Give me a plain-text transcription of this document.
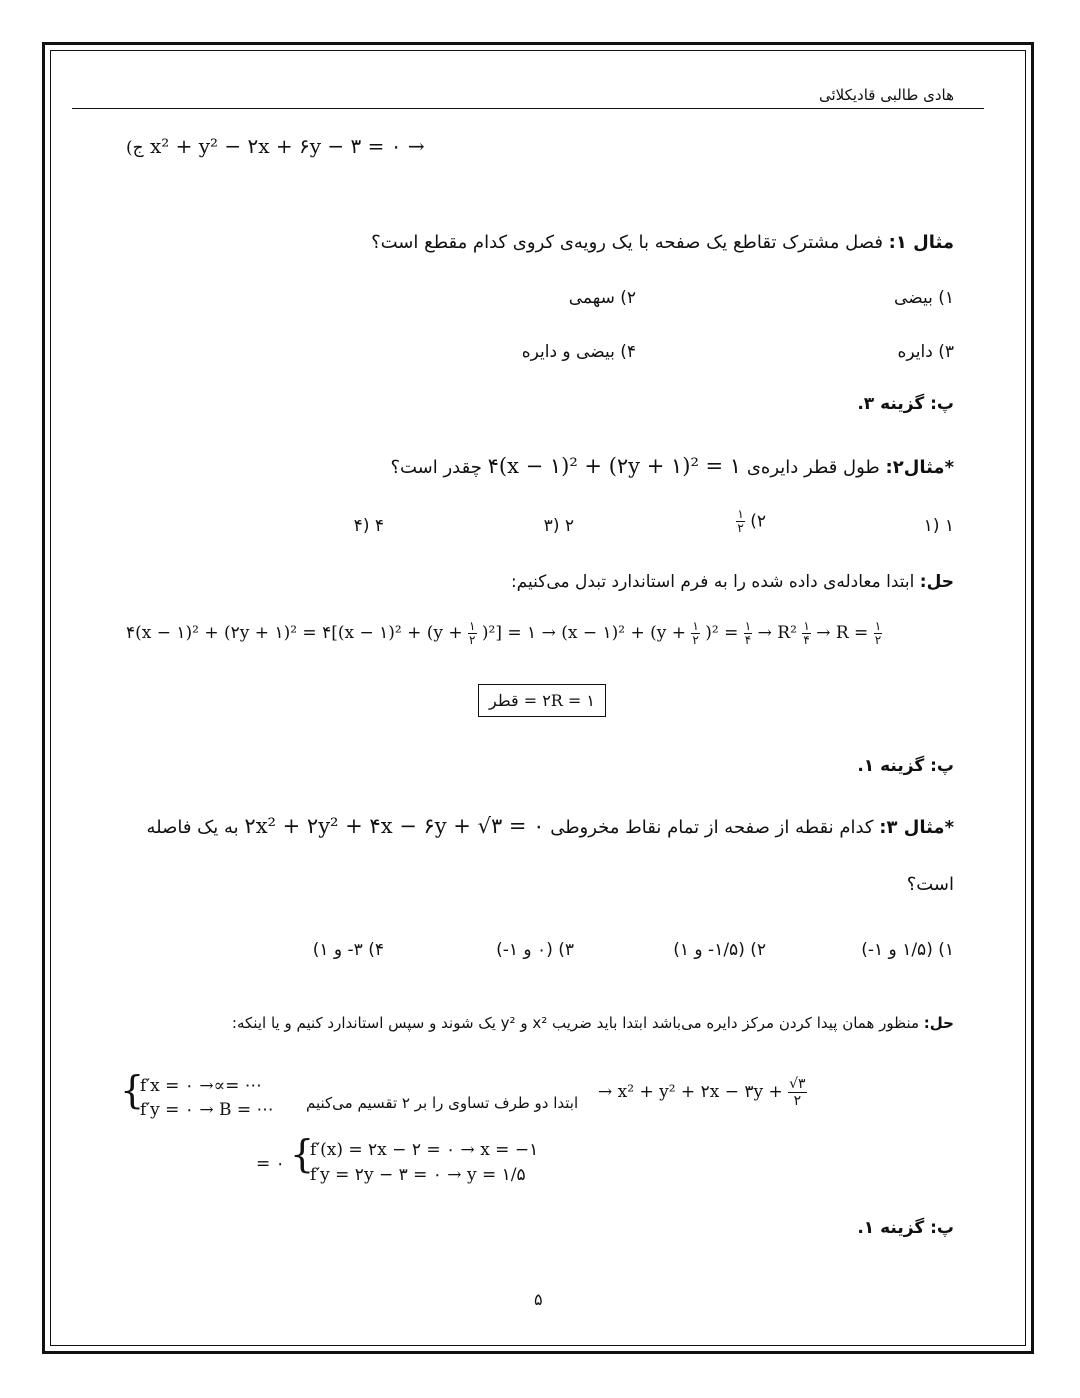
هادی طالبی قادیکلائی
ج) x² + y² − ۲x + ۶y − ۳ = ۰ →
مثال ۱: فصل مشترک تقاطع یک صفحه با یک رویه‌ی کروی کدام مقطع است؟
۱) بیضی
۲) سهمی
۳) دایره
۴) بیضی و دایره
پ: گزینه ۳.
*مثال۲: طول قطر دایره‌ی ۴(x − ۱)² + (۲y + ۱)² = ۱ چقدر است؟
۱ (۱
۲)
$\frac{۱}{۲}$
۲ (۳
۴ (۴
حل: ابتدا معادله‌ی داده شده را به فرم استاندارد تبدل می‌کنیم:
۴(x − ۱)² + (۲y + ۱)² = ۴[(x − ۱)² + $(y + \frac{۱}{۲} )^2$] = ۱ → (x − ۱)² + $(y + \frac{۱}{۲} )^2 = \frac{۱}{۴} \to R^2 \frac{۱}{۴} \to R = \frac{۱}{۲}$
۱ = ۲R = قطر
پ: گزینه ۱.
*مثال ۳: کدام نقطه از صفحه از تمام نقاط مخروطی ۲x² + ۲y² + ۴x − ۶y + √۳ = ۰ به یک فاصله
است؟
۱) (۱/۵ و ۱-)
۲) (۱/۵- و ۱)
۳) (۰ و ۱-)
۴) ۳- و ۱)
حل: منظور همان پیدا کردن مرکز دایره می‌باشد ابتدا باید ضریب x² و y² یک شوند و سپس استاندارد کنیم و یا اینکه:
{
f′x = ۰ →∝= ⋯
f′y = ۰ → B = ⋯ ابتدا دو طرف تساوی را بر ۲ تقسیم می‌کنیم
→ x² + y² + ۲x − ۳y + $\frac{√۳}{۲}$
= ۰ {
f′(x) = ۲x − ۲ = ۰ → x = −۱
f′y = ۲y − ۳ = ۰ → y = ۱/۵
پ: گزینه ۱.
۵
